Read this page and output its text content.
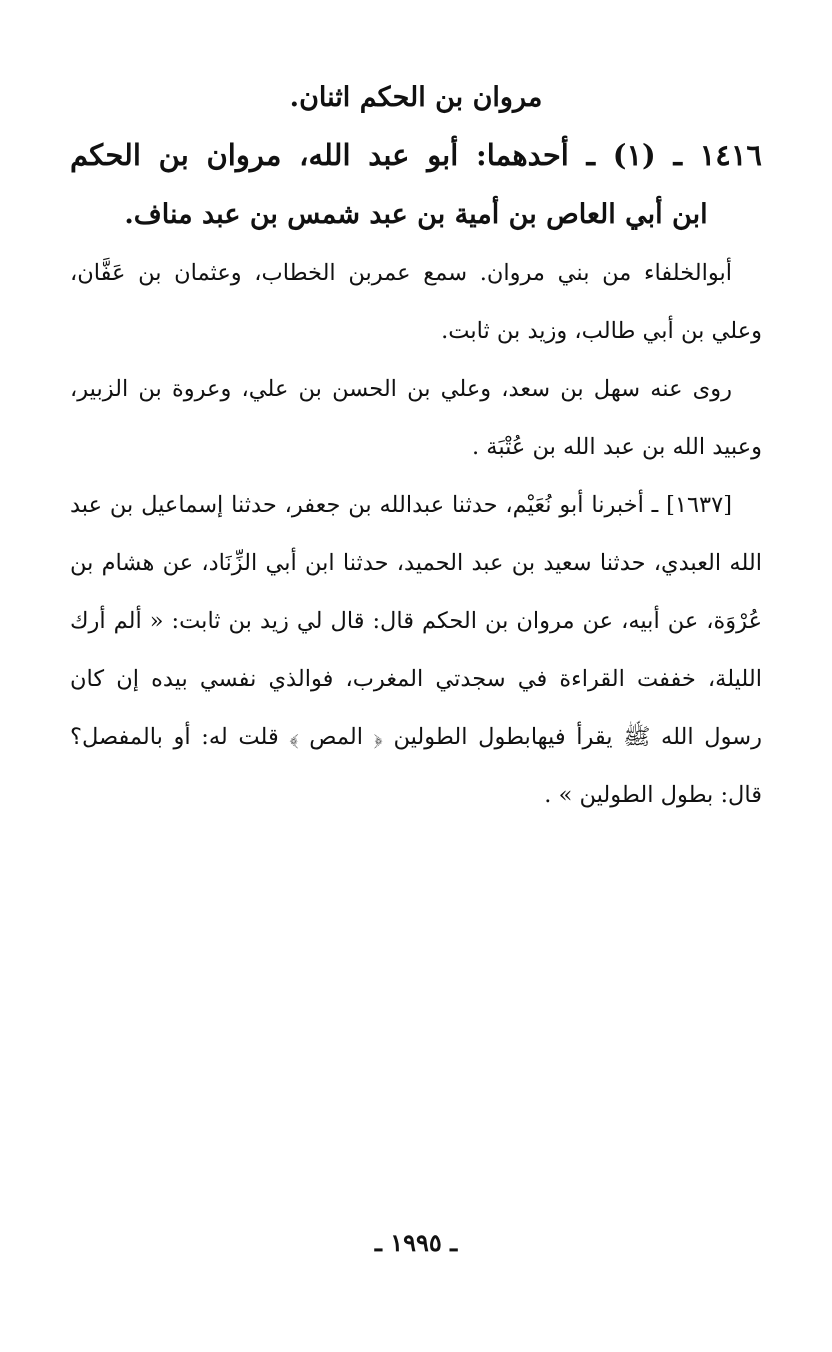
مروان بن الحكم اثنان.

١٤١٦ ـ (١) ـ أحدهما: أبو عبد الله، مروان بن الحكم

ابن أبي العاص بن أمية بن عبد شمس بن عبد مناف.

أبوالخلفاء من بني مروان. سمع عمربن الخطاب، وعثمان بن عَفَّان، وعلي بن أبي طالب، وزيد بن ثابت.

روى عنه سهل بن سعد، وعلي بن الحسن بن علي، وعروة بن الزبير، وعبيد الله بن عبد الله بن عُتْبَة .

[١٦٣٧] ـ أخبرنا أبو نُعَيْم، حدثنا عبدالله بن جعفر، حدثنا إسماعيل بن عبد الله العبدي، حدثنا سعيد بن عبد الحميد، حدثنا ابن أبي الزِّنَاد، عن هشام بن عُرْوَة، عن أبيه، عن مروان بن الحكم قال: قال لي زيد بن ثابت: « ألم أرك الليلة، خففت القراءة في سجدتي المغرب، فوالذي نفسي بيده إن كان رسول الله ﷺ يقرأ فيهابطول الطولين ﴿ المص ﴾ قلت له: أو بالمفصل؟ قال: بطول الطولين » .

ـ ١٩٩٥ ـ
